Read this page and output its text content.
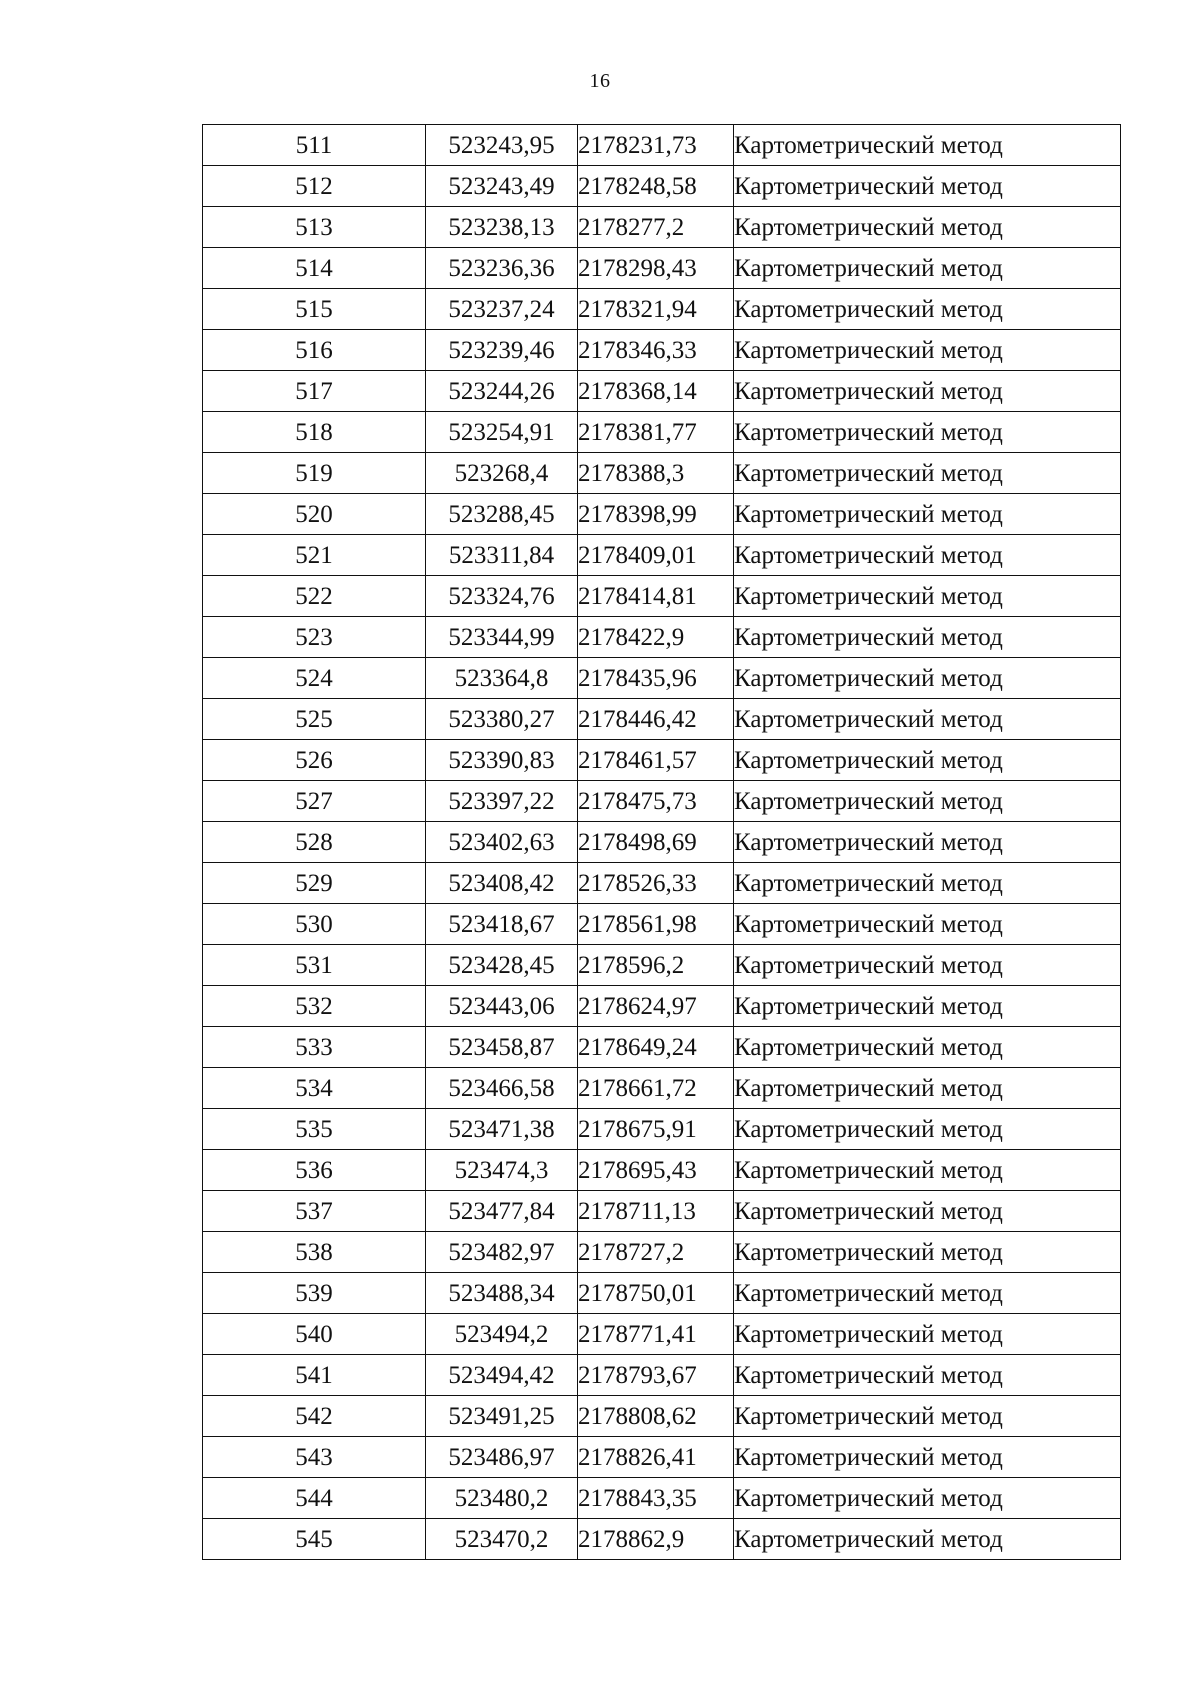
16
511	523243,95	2178231,73	Картометрический метод
512	523243,49	2178248,58	Картометрический метод
513	523238,13	2178277,2	Картометрический метод
514	523236,36	2178298,43	Картометрический метод
515	523237,24	2178321,94	Картометрический метод
516	523239,46	2178346,33	Картометрический метод
517	523244,26	2178368,14	Картометрический метод
518	523254,91	2178381,77	Картометрический метод
519	523268,4	2178388,3	Картометрический метод
520	523288,45	2178398,99	Картометрический метод
521	523311,84	2178409,01	Картометрический метод
522	523324,76	2178414,81	Картометрический метод
523	523344,99	2178422,9	Картометрический метод
524	523364,8	2178435,96	Картометрический метод
525	523380,27	2178446,42	Картометрический метод
526	523390,83	2178461,57	Картометрический метод
527	523397,22	2178475,73	Картометрический метод
528	523402,63	2178498,69	Картометрический метод
529	523408,42	2178526,33	Картометрический метод
530	523418,67	2178561,98	Картометрический метод
531	523428,45	2178596,2	Картометрический метод
532	523443,06	2178624,97	Картометрический метод
533	523458,87	2178649,24	Картометрический метод
534	523466,58	2178661,72	Картометрический метод
535	523471,38	2178675,91	Картометрический метод
536	523474,3	2178695,43	Картометрический метод
537	523477,84	2178711,13	Картометрический метод
538	523482,97	2178727,2	Картометрический метод
539	523488,34	2178750,01	Картометрический метод
540	523494,2	2178771,41	Картометрический метод
541	523494,42	2178793,67	Картометрический метод
542	523491,25	2178808,62	Картометрический метод
543	523486,97	2178826,41	Картометрический метод
544	523480,2	2178843,35	Картометрический метод
545	523470,2	2178862,9	Картометрический метод
